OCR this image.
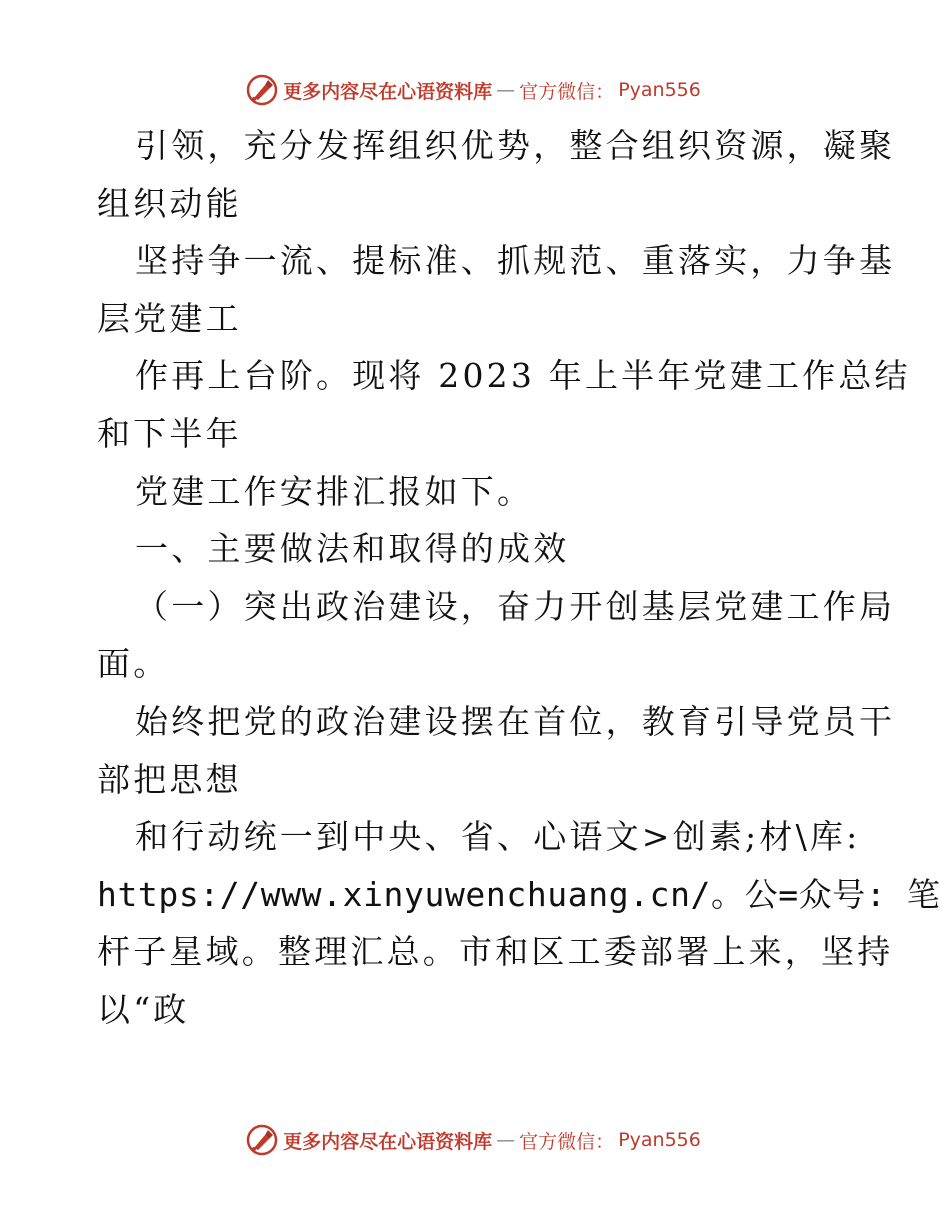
更多内容尽在心语资料库 — 官方微信： Pyan556
引领，充分发挥组织优势，整合组织资源，凝聚
组织动能
坚持争一流、提标准、抓规范、重落实，力争基
层党建工
作再上台阶。现将 2023 年上半年党建工作总结
和下半年
党建工作安排汇报如下。
一、主要做法和取得的成效
（一）突出政治建设，奋力开创基层党建工作局
面。
始终把党的政治建设摆在首位，教育引导党员干
部把思想
和行动统一到中央、省、心语文>创素;材\库:
https://www.xinyuwenchuang.cn/。公=众号: 笔
杆子星域。整理汇总。市和区工委部署上来，坚持
以“政
更多内容尽在心语资料库 — 官方微信： Pyan556
